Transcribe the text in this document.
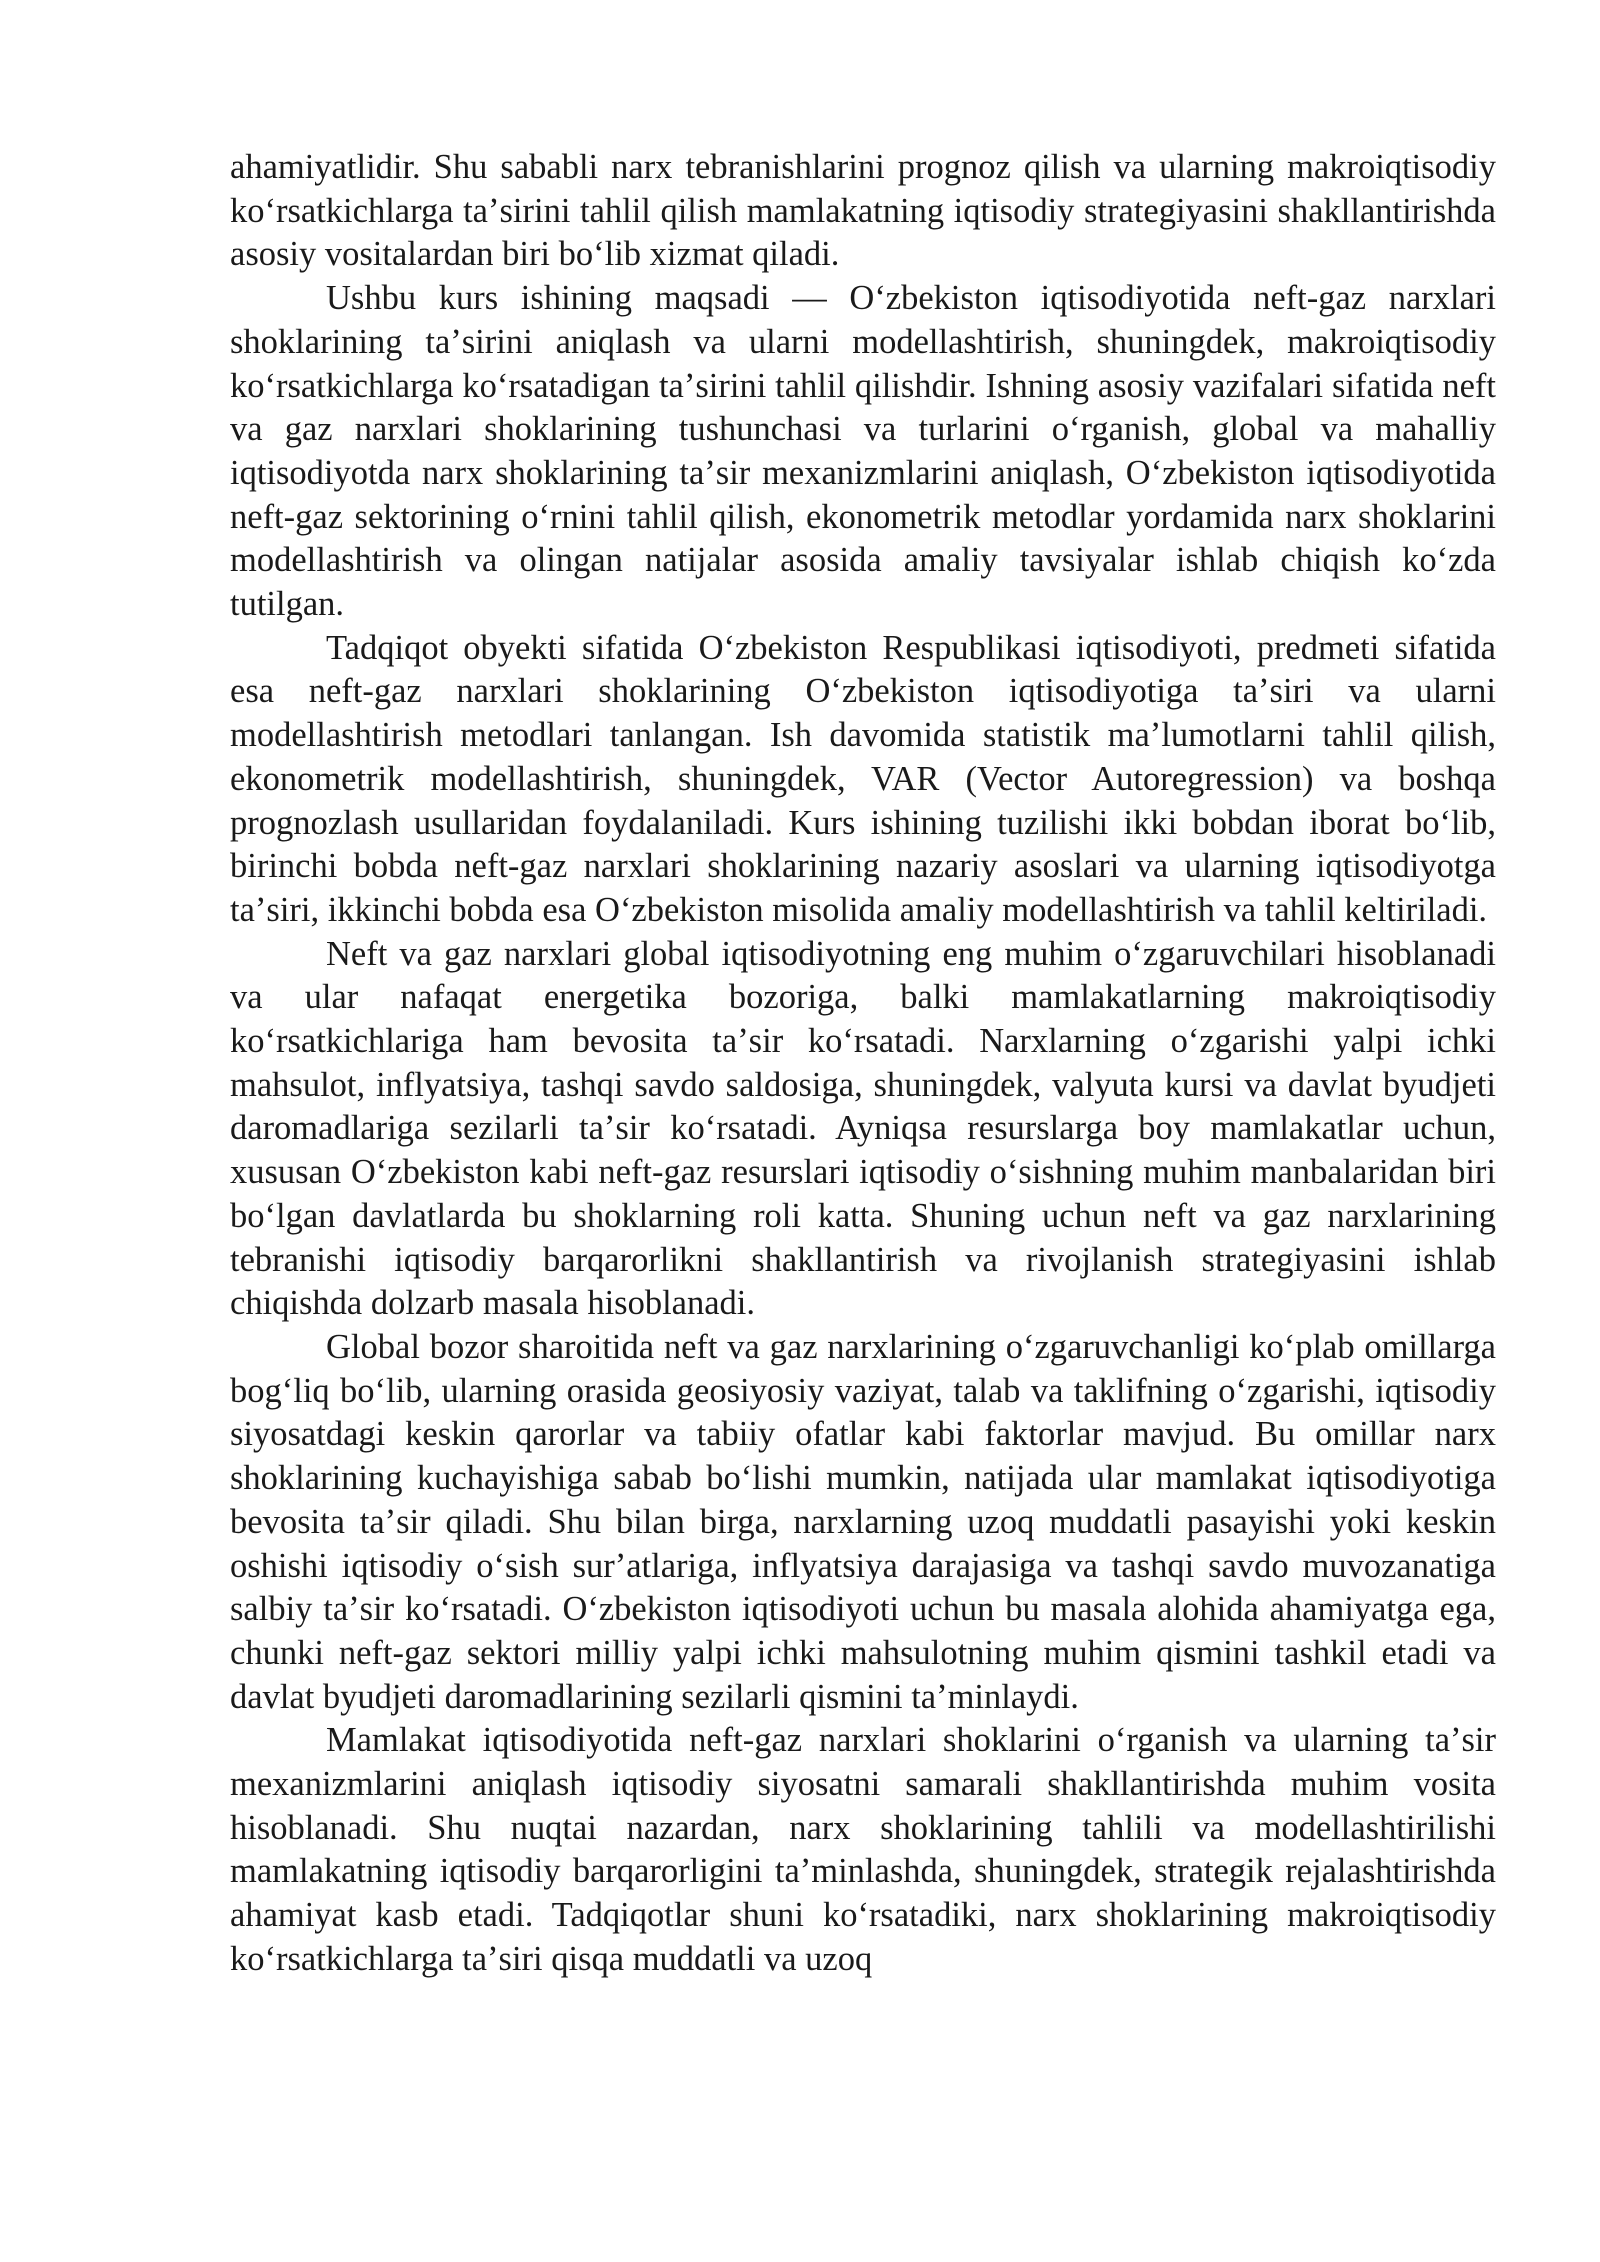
ahamiyatlidir. Shu sababli narx tebranishlarini prognoz qilish va ularning makroiqtisodiy koʻrsatkichlarga taʼsirini tahlil qilish mamlakatning iqtisodiy strategiyasini shakllantirishda asosiy vositalardan biri boʻlib xizmat qiladi.

Ushbu kurs ishining maqsadi — Oʻzbekiston iqtisodiyotida neft-gaz narxlari shoklarining taʼsirini aniqlash va ularni modellashtirish, shuningdek, makroiqtisodiy koʻrsatkichlarga koʻrsatadigan taʼsirini tahlil qilishdir. Ishning asosiy vazifalari sifatida neft va gaz narxlari shoklarining tushunchasi va turlarini oʻrganish, global va mahalliy iqtisodiyotda narx shoklarining taʼsir mexanizmlarini aniqlash, Oʻzbekiston iqtisodiyotida neft-gaz sektorining oʻrnini tahlil qilish, ekonometrik metodlar yordamida narx shoklarini modellashtirish va olingan natijalar asosida amaliy tavsiyalar ishlab chiqish koʻzda tutilgan.

Tadqiqot obyekti sifatida Oʻzbekiston Respublikasi iqtisodiyoti, predmeti sifatida esa neft-gaz narxlari shoklarining Oʻzbekiston iqtisodiyotiga taʼsiri va ularni modellashtirish metodlari tanlangan. Ish davomida statistik maʼlumotlarni tahlil qilish, ekonometrik modellashtirish, shuningdek, VAR (Vector Autoregression) va boshqa prognozlash usullaridan foydalaniladi. Kurs ishining tuzilishi ikki bobdan iborat boʻlib, birinchi bobda neft-gaz narxlari shoklarining nazariy asoslari va ularning iqtisodiyotga taʼsiri, ikkinchi bobda esa Oʻzbekiston misolida amaliy modellashtirish va tahlil keltiriladi.

Neft va gaz narxlari global iqtisodiyotning eng muhim oʻzgaruvchilari hisoblanadi va ular nafaqat energetika bozoriga, balki mamlakatlarning makroiqtisodiy koʻrsatkichlariga ham bevosita taʼsir koʻrsatadi. Narxlarning oʻzgarishi yalpi ichki mahsulot, inflyatsiya, tashqi savdo saldosiga, shuningdek, valyuta kursi va davlat byudjeti daromadlariga sezilarli taʼsir koʻrsatadi. Ayniqsa resurslarga boy mamlakatlar uchun, xususan Oʻzbekiston kabi neft-gaz resurslari iqtisodiy oʻsishning muhim manbalaridan biri boʻlgan davlatlarda bu shoklarning roli katta. Shuning uchun neft va gaz narxlarining tebranishi iqtisodiy barqarorlikni shakllantirish va rivojlanish strategiyasini ishlab chiqishda dolzarb masala hisoblanadi.

Global bozor sharoitida neft va gaz narxlarining oʻzgaruvchanligi koʻplab omillarga bogʻliq boʻlib, ularning orasida geosiyosiy vaziyat, talab va taklifning oʻzgarishi, iqtisodiy siyosatdagi keskin qarorlar va tabiiy ofatlar kabi faktorlar mavjud. Bu omillar narx shoklarining kuchayishiga sabab boʻlishi mumkin, natijada ular mamlakat iqtisodiyotiga bevosita taʼsir qiladi. Shu bilan birga, narxlarning uzoq muddatli pasayishi yoki keskin oshishi iqtisodiy oʻsish surʼatlariga, inflyatsiya darajasiga va tashqi savdo muvozanatiga salbiy taʼsir koʻrsatadi. Oʻzbekiston iqtisodiyoti uchun bu masala alohida ahamiyatga ega, chunki neft-gaz sektori milliy yalpi ichki mahsulotning muhim qismini tashkil etadi va davlat byudjeti daromadlarining sezilarli qismini taʼminlaydi.

Mamlakat iqtisodiyotida neft-gaz narxlari shoklarini oʻrganish va ularning taʼsir mexanizmlarini aniqlash iqtisodiy siyosatni samarali shakllantirishda muhim vosita hisoblanadi. Shu nuqtai nazardan, narx shoklarining tahlili va modellashtirilishi mamlakatning iqtisodiy barqarorligini taʼminlashda, shuningdek, strategik rejalashtirishda ahamiyat kasb etadi. Tadqiqotlar shuni koʻrsatadiki, narx shoklarining makroiqtisodiy koʻrsatkichlarga taʼsiri qisqa muddatli va uzoq
